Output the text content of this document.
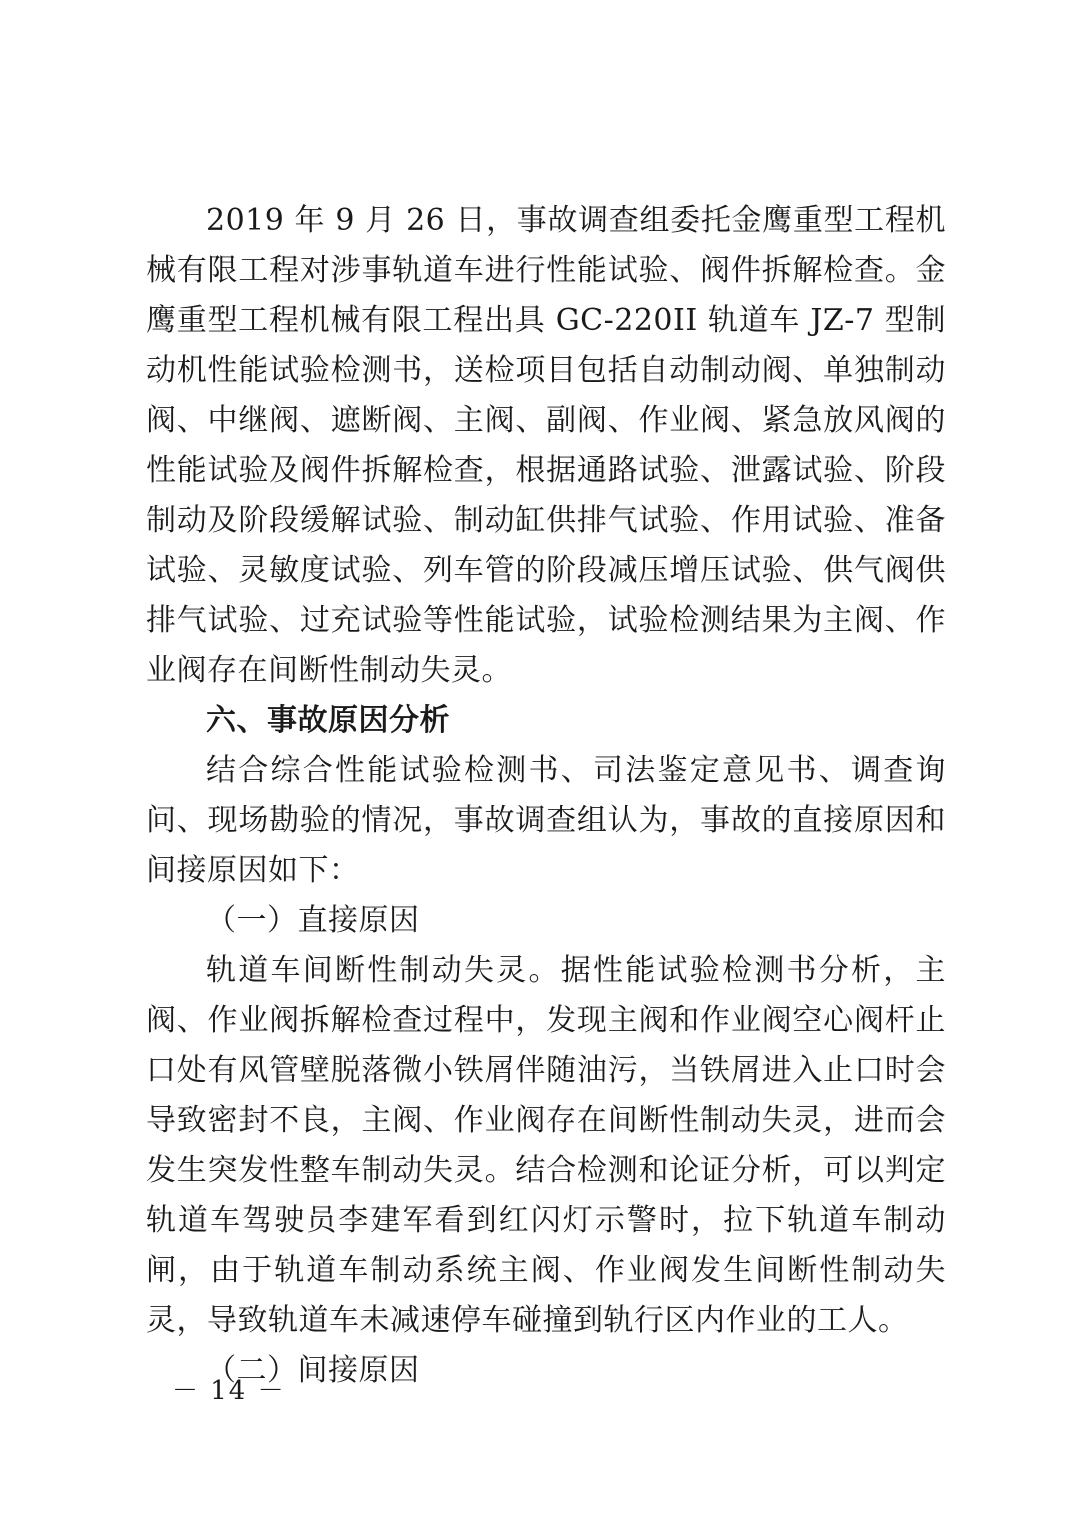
2019 年 9 月 26 日，事故调查组委托金鹰重型工程机械有限工程对涉事轨道车进行性能试验、阀件拆解检查。金鹰重型工程机械有限工程出具 GC-220II 轨道车 JZ-7 型制动机性能试验检测书，送检项目包括自动制动阀、单独制动阀、中继阀、遮断阀、主阀、副阀、作业阀、紧急放风阀的性能试验及阀件拆解检查，根据通路试验、泄露试验、阶段制动及阶段缓解试验、制动缸供排气试验、作用试验、准备试验、灵敏度试验、列车管的阶段减压增压试验、供气阀供排气试验、过充试验等性能试验，试验检测结果为主阀、作业阀存在间断性制动失灵。

六、事故原因分析

结合综合性能试验检测书、司法鉴定意见书、调查询问、现场勘验的情况，事故调查组认为，事故的直接原因和间接原因如下：

（一）直接原因

轨道车间断性制动失灵。据性能试验检测书分析，主阀、作业阀拆解检查过程中，发现主阀和作业阀空心阀杆止口处有风管壁脱落微小铁屑伴随油污，当铁屑进入止口时会导致密封不良，主阀、作业阀存在间断性制动失灵，进而会发生突发性整车制动失灵。结合检测和论证分析，可以判定轨道车驾驶员李建军看到红闪灯示警时，拉下轨道车制动闸，由于轨道车制动系统主阀、作业阀发生间断性制动失灵，导致轨道车未减速停车碰撞到轨行区内作业的工人。

（二）间接原因

－ 14 －
